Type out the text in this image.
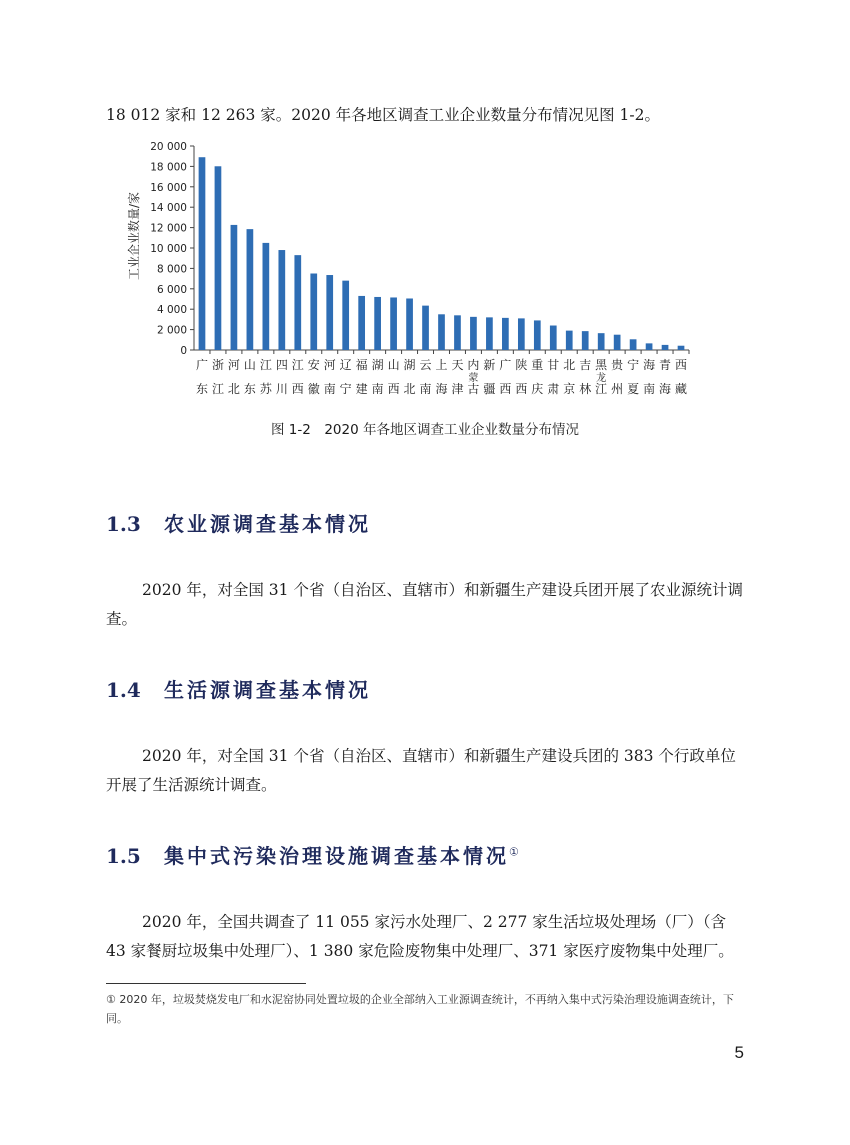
18 012 家和 12 263 家。2020 年各地区调查工业企业数量分布情况见图 1-2。

工业企业数量/家
0
2 000
4 000
6 000
8 000
10 000
12 000
14 000
16 000
18 000
20 000
广东
浙江
河北
山东
江苏
四川
江西
安徽
河南
辽宁
福建
湖南
山西
湖北
云南
上海
天津
内蒙古
新疆
广西
陕西
重庆
甘肃
北京
吉林
黑龙江
贵州
宁夏
海南
青海
西藏
图 1-2　2020 年各地区调查工业企业数量分布情况
1.3 农业源调查基本情况

2020 年，对全国 31 个省（自治区、直辖市）和新疆生产建设兵团开展了农业源统计调查。

1.4 生活源调查基本情况

2020 年，对全国 31 个省（自治区、直辖市）和新疆生产建设兵团的 383 个行政单位开展了生活源统计调查。

1.5 集中式污染治理设施调查基本情况①

2020 年，全国共调查了 11 055 家污水处理厂、2 277 家生活垃圾处理场（厂）（含 43 家餐厨垃圾集中处理厂）、1 380 家危险废物集中处理厂、371 家医疗废物集中处理厂。

① 2020 年，垃圾焚烧发电厂和水泥窑协同处置垃圾的企业全部纳入工业源调查统计，不再纳入集中式污染治理设施调查统计，下同。
5
